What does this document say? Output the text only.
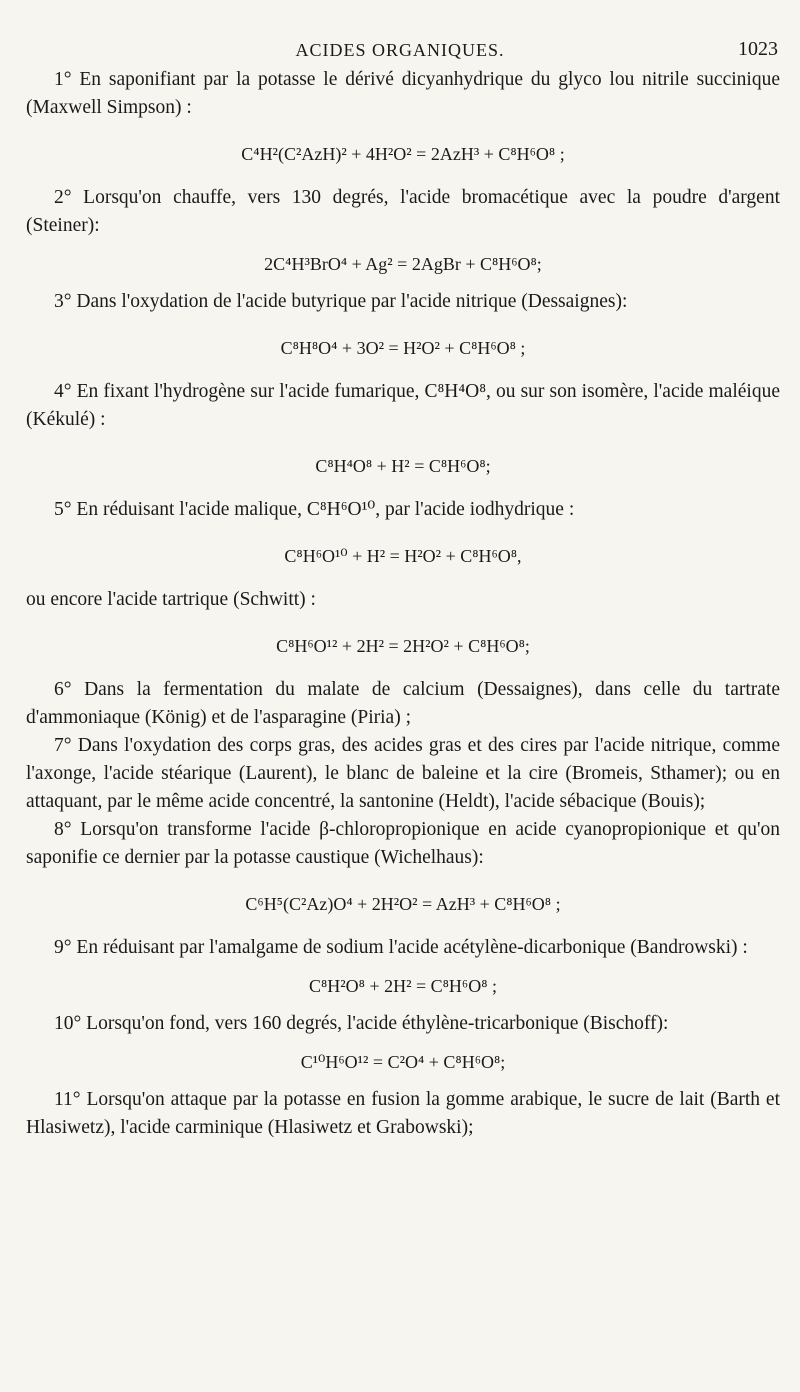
ACIDES ORGANIQUES.	1023

1° En saponifiant par la potasse le dérivé dicyanhydrique du glyco lou nitrile succinique (Maxwell Simpson) :

C⁴H²(C²AzH)² + 4H²O² = 2AzH³ + C⁸H⁶O⁸ ;

2° Lorsqu'on chauffe, vers 130 degrés, l'acide bromacétique avec la poudre d'argent (Steiner):

2C⁴H³BrO⁴ + Ag² = 2AgBr + C⁸H⁶O⁸;

3° Dans l'oxydation de l'acide butyrique par l'acide nitrique (Dessaignes):

C⁸H⁸O⁴ + 3O² = H²O² + C⁸H⁶O⁸ ;

4° En fixant l'hydrogène sur l'acide fumarique, C⁸H⁴O⁸, ou sur son isomère, l'acide maléique (Kékulé) :

C⁸H⁴O⁸ + H² = C⁸H⁶O⁸;

5° En réduisant l'acide malique, C⁸H⁶O¹⁰, par l'acide iodhydrique :

C⁸H⁶O¹⁰ + H² = H²O² + C⁸H⁶O⁸,

ou encore l'acide tartrique (Schwitt) :

C⁸H⁶O¹² + 2H² = 2H²O² + C⁸H⁶O⁸;

6° Dans la fermentation du malate de calcium (Dessaignes), dans celle du tartrate d'ammoniaque (König) et de l'asparagine (Piria) ;

7° Dans l'oxydation des corps gras, des acides gras et des cires par l'acide nitrique, comme l'axonge, l'acide stéarique (Laurent), le blanc de baleine et la cire (Bromeis, Sthamer); ou en attaquant, par le même acide concentré, la santonine (Heldt), l'acide sébacique (Bouis);

8° Lorsqu'on transforme l'acide β-chloropropionique en acide cyanopropionique et qu'on saponifie ce dernier par la potasse caustique (Wichelhaus):

C⁶H⁵(C²Az)O⁴ + 2H²O² = AzH³ + C⁸H⁶O⁸ ;

9° En réduisant par l'amalgame de sodium l'acide acétylène-dicarbonique (Bandrowski) :

C⁸H²O⁸ + 2H² = C⁸H⁶O⁸ ;

10° Lorsqu'on fond, vers 160 degrés, l'acide éthylène-tricarbonique (Bischoff):

C¹⁰H⁶O¹² = C²O⁴ + C⁸H⁶O⁸;

11° Lorsqu'on attaque par la potasse en fusion la gomme arabique, le sucre de lait (Barth et Hlasiwetz), l'acide carminique (Hlasiwetz et Grabowski);
